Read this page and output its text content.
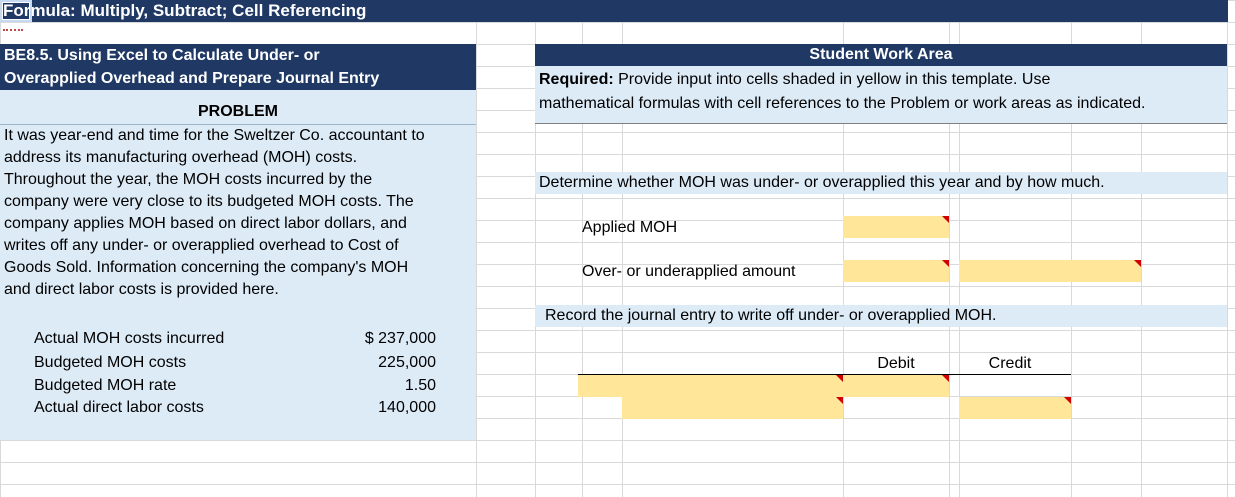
Formula: Multiply, Subtract; Cell Referencing
BE8.5. Using Excel to Calculate Under- or
Overapplied Overhead and Prepare Journal Entry
PROBLEM
It was year-end and time for the Sweltzer Co. accountant to
address its manufacturing overhead (MOH) costs.
Throughout the year, the MOH costs incurred by the
company were very close to its budgeted MOH costs. The
company applies MOH based on direct labor dollars, and
writes off any under- or overapplied overhead to Cost of
Goods Sold. Information concerning the company's MOH
and direct labor costs is provided here.
Actual MOH costs incurred	$ 237,000
Budgeted MOH costs	225,000
Budgeted MOH rate	1.50
Actual direct labor costs	140,000
Student Work Area
Required: Provide input into cells shaded in yellow in this template. Use
mathematical formulas with cell references to the Problem or work areas as indicated.
Determine whether MOH was under- or overapplied this year and by how much.
Applied MOH
Over- or underapplied amount
Record the journal entry to write off under- or overapplied MOH.
Debit	Credit
